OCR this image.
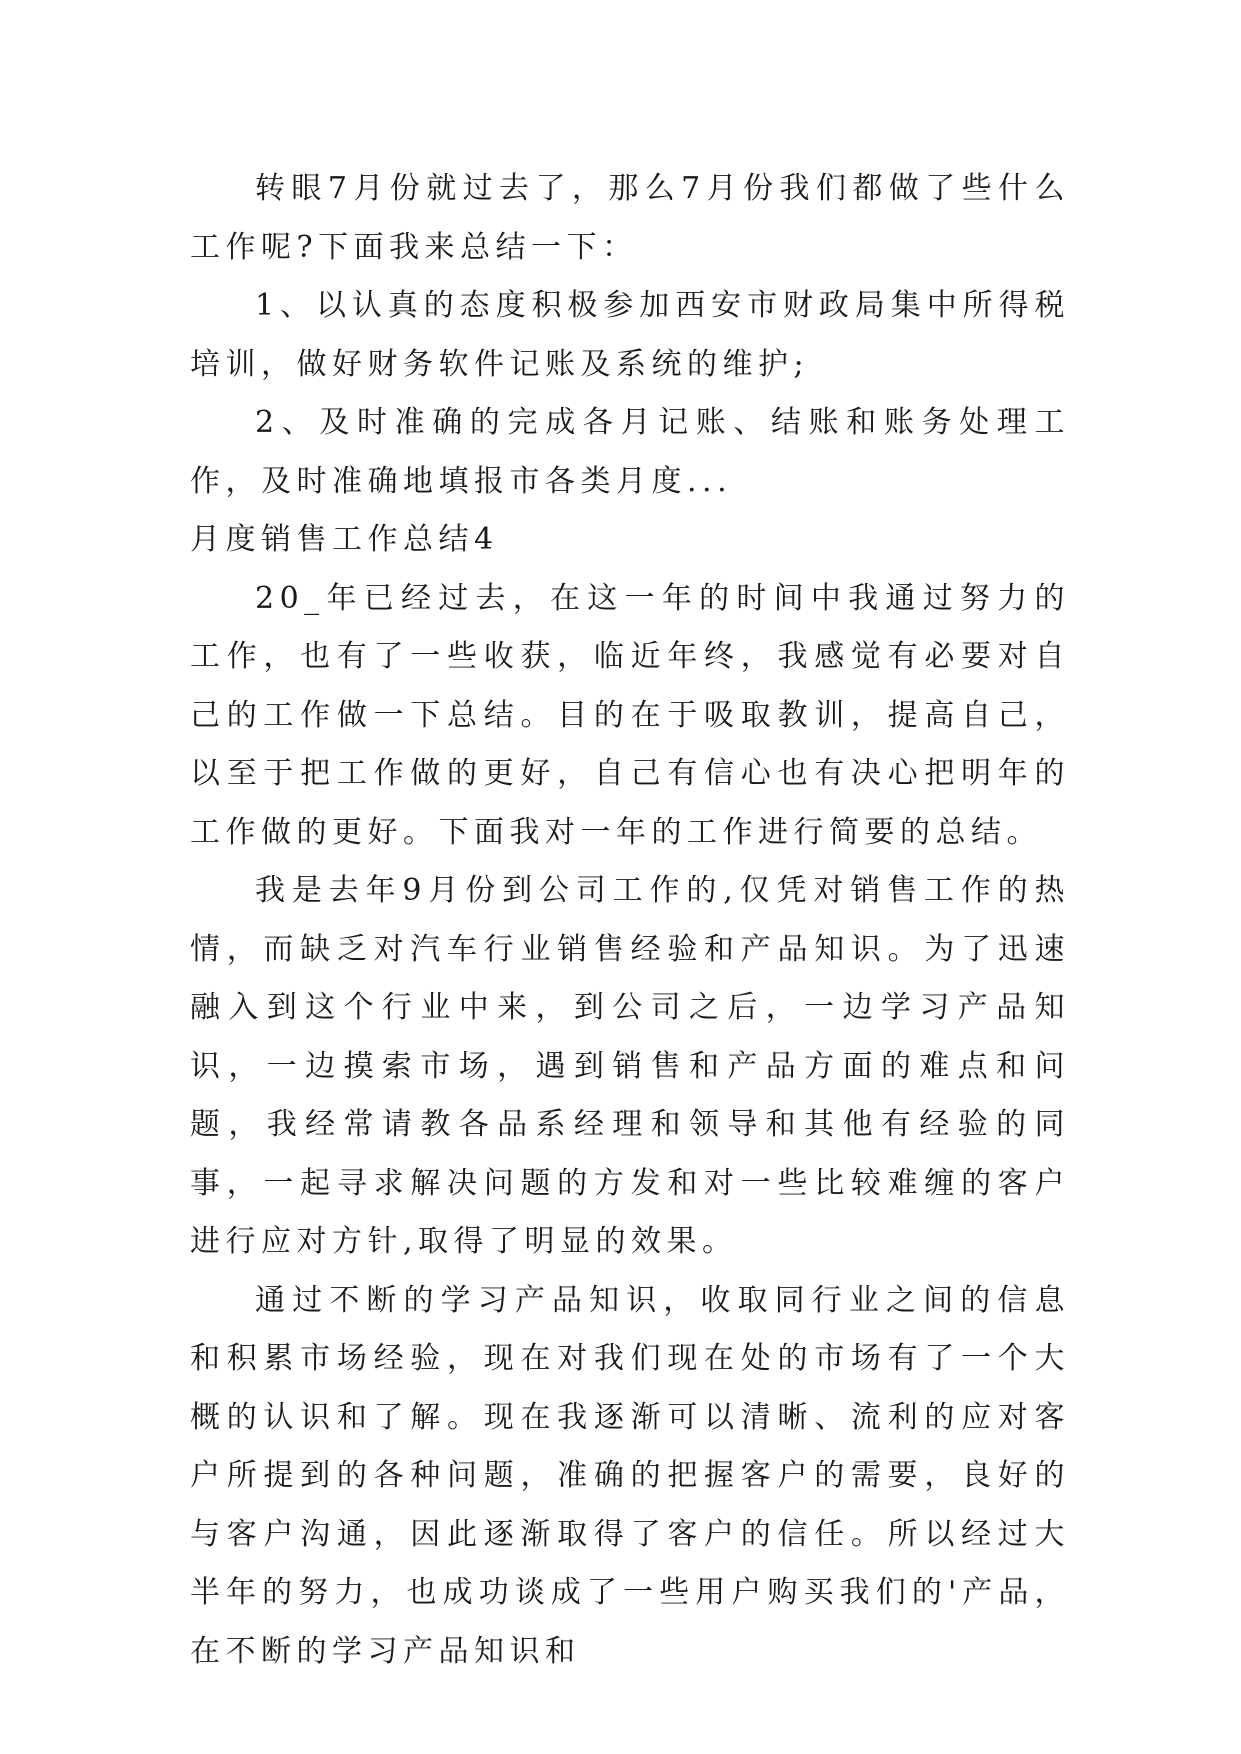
转眼7月份就过去了，那么7月份我们都做了些什么工作呢?下面我来总结一下：

1、以认真的态度积极参加西安市财政局集中所得税培训，做好财务软件记账及系统的维护;

2、及时准确的完成各月记账、结账和账务处理工作，及时准确地填报市各类月度...

月度销售工作总结4

20_年已经过去，在这一年的时间中我通过努力的工作，也有了一些收获，临近年终，我感觉有必要对自己的工作做一下总结。目的在于吸取教训，提高自己，以至于把工作做的更好，自己有信心也有决心把明年的工作做的更好。下面我对一年的工作进行简要的总结。

我是去年9月份到公司工作的,仅凭对销售工作的热情，而缺乏对汽车行业销售经验和产品知识。为了迅速融入到这个行业中来，到公司之后，一边学习产品知识，一边摸索市场，遇到销售和产品方面的难点和问题，我经常请教各品系经理和领导和其他有经验的同事，一起寻求解决问题的方发和对一些比较难缠的客户进行应对方针,取得了明显的效果。

通过不断的学习产品知识，收取同行业之间的信息和积累市场经验，现在对我们现在处的市场有了一个大概的认识和了解。现在我逐渐可以清晰、流利的应对客户所提到的各种问题，准确的把握客户的需要，良好的与客户沟通，因此逐渐取得了客户的信任。所以经过大半年的努力，也成功谈成了一些用户购买我们的'产品，在不断的学习产品知识和
